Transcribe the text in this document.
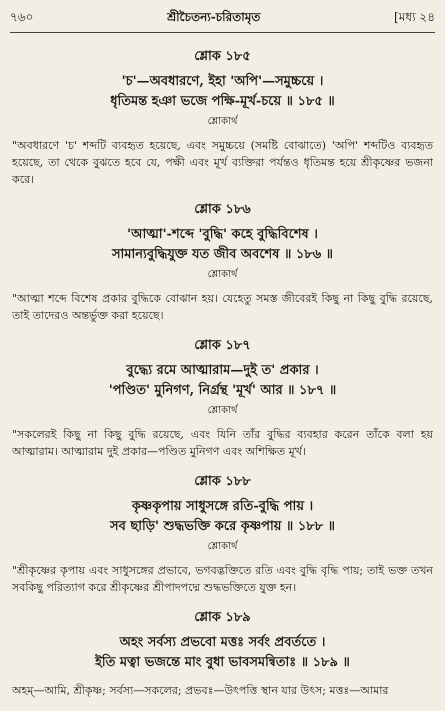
৭৬০	শ্রীচৈতন্য-চরিতামৃত	[মধ্য ২৪
শ্লোক ১৮৫
'চ'—অবধারণে, ইহা 'অপি'—সমুচ্চয়ে ।
ধৃতিমন্ত হঞা ভজে পক্ষি-মূর্খ-চয়ে ॥ ১৮৫ ॥
শ্লোকার্থ

"অবধারণে 'চ' শব্দটি ব্যবহৃত হয়েছে, এবং সমুচ্চয়ে (সমষ্টি বোঝাতে) 'অপি' শব্দটিও ব্যবহৃত হয়েছে, তা থেকে বুঝতে হবে যে, পক্ষী এবং মূর্খ ব্যক্তিরা পর্যন্তও ধৃতিমন্ত হয়ে শ্রীকৃষ্ণের ভজনা করে।

শ্লোক ১৮৬
'আত্মা'-শব্দে 'বুদ্ধি' কহে বুদ্ধিবিশেষ ।
সামান্যবুদ্ধিযুক্ত যত জীব অবশেষ ॥ ১৮৬ ॥
শ্লোকার্থ

"আত্মা শব্দে বিশেষ প্রকার বুদ্ধিকে বোঝান হয়। যেহেতু সমস্ত জীবেরই কিছু না কিছু বুদ্ধি রয়েছে, তাই তাদেরও অন্তর্ভুক্ত করা হয়েছে।

শ্লোক ১৮৭
বুদ্ধ্যে রমে আত্মারাম—দুই ত' প্রকার ।
'পণ্ডিত' মুনিগণ, নির্গ্রন্থ 'মূর্খ' আর ॥ ১৮৭ ॥
শ্লোকার্থ

"সকলেরই কিছু না কিছু বুদ্ধি রয়েছে, এবং যিনি তাঁর বুদ্ধির ব্যবহার করেন তাঁকে বলা হয় আত্মারাম। আত্মারাম দুই প্রকার—পণ্ডিত মুনিগণ এবং অশিক্ষিত মূর্খ।

শ্লোক ১৮৮
কৃষ্ণকৃপায় সাধুসঙ্গে রতি-বুদ্ধি পায় ।
সব ছাড়ি' শুদ্ধভক্তি করে কৃষ্ণপায় ॥ ১৮৮ ॥
শ্লোকার্থ

"শ্রীকৃষ্ণের কৃপায় এবং সাধুসঙ্গের প্রভাবে, ভগবদ্ভক্তিতে রতি এবং বুদ্ধি বৃদ্ধি পায়; তাই ভক্ত তখন সবকিছু পরিত্যাগ করে শ্রীকৃষ্ণের শ্রীপাদপদ্মে শুদ্ধভক্তিতে যুক্ত হন।

শ্লোক ১৮৯
অহং সর্বস্য প্রভবো মত্তঃ সর্বং প্রবর্ততে ।
ইতি মত্বা ভজন্তে মাং বুধা ভাবসমন্বিতাঃ ॥ ১৮৯ ॥
অহম্—আমি, শ্রীকৃষ্ণ; সর্বস্য—সকলের; প্রভবঃ—উৎপত্তি স্থান যার উৎস; মত্তঃ—আমার
